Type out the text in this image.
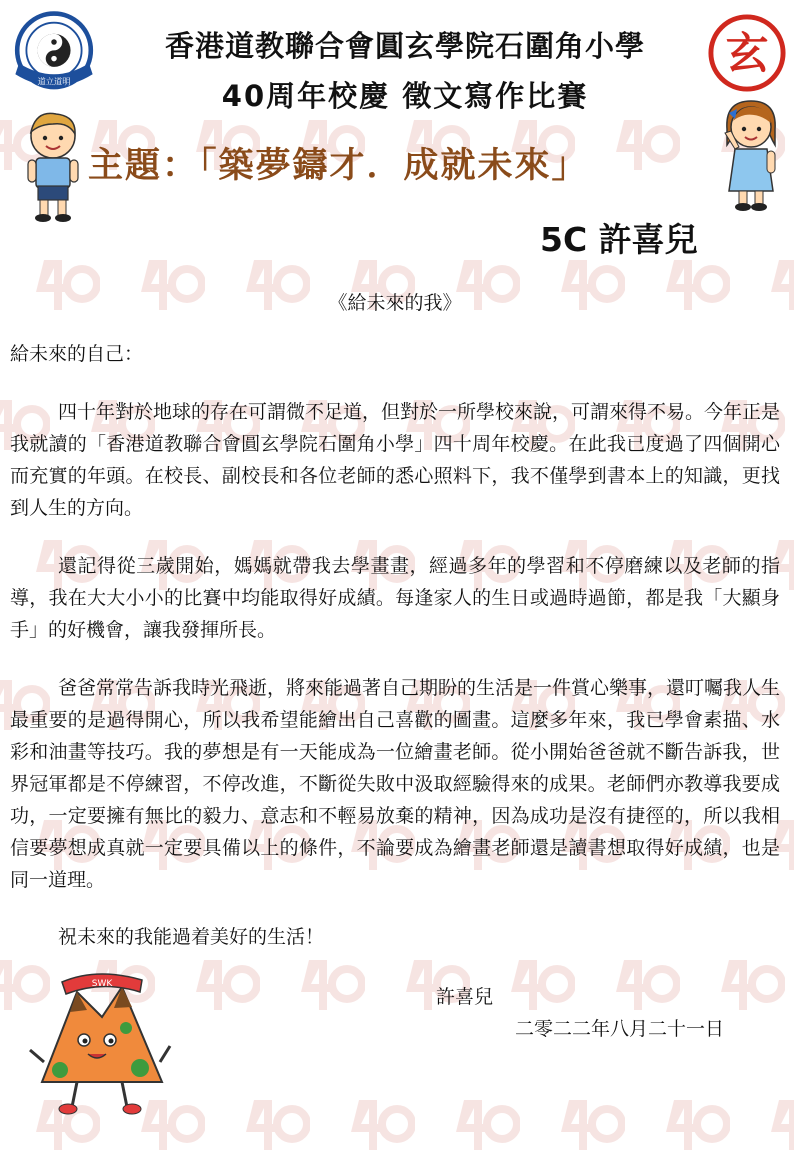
道立道明
香港道教聯合會圓玄學院石圍角小學
40周年校慶 徵文寫作比賽
玄
主題：「築夢鑄才．成就未來」
5C 許喜兒
《給未來的我》
給未來的自己：

四十年對於地球的存在可謂微不足道，但對於一所學校來說，可謂來得不易。今年正是我就讀的「香港道教聯合會圓玄學院石圍角小學」四十周年校慶。在此我已度過了四個開心而充實的年頭。在校長、副校長和各位老師的悉心照料下，我不僅學到書本上的知識，更找到人生的方向。

還記得從三歲開始，媽媽就帶我去學畫畫，經過多年的學習和不停磨練以及老師的指導，我在大大小小的比賽中均能取得好成績。每逢家人的生日或過時過節，都是我「大顯身手」的好機會，讓我發揮所長。

爸爸常常告訴我時光飛逝，將來能過著自己期盼的生活是一件賞心樂事，還叮囑我人生最重要的是過得開心，所以我希望能繪出自己喜歡的圖畫。這麼多年來，我已學會素描、水彩和油畫等技巧。我的夢想是有一天能成為一位繪畫老師。從小開始爸爸就不斷告訴我，世界冠軍都是不停練習，不停改進，不斷從失敗中汲取經驗得來的成果。老師們亦教導我要成功，一定要擁有無比的毅力、意志和不輕易放棄的精神，因為成功是沒有捷徑的，所以我相信要夢想成真就一定要具備以上的條件，不論要成為繪畫老師還是讀書想取得好成績，也是同一道理。

祝未來的我能過着美好的生活！

許喜兒
二零二二年八月二十一日
SWK
